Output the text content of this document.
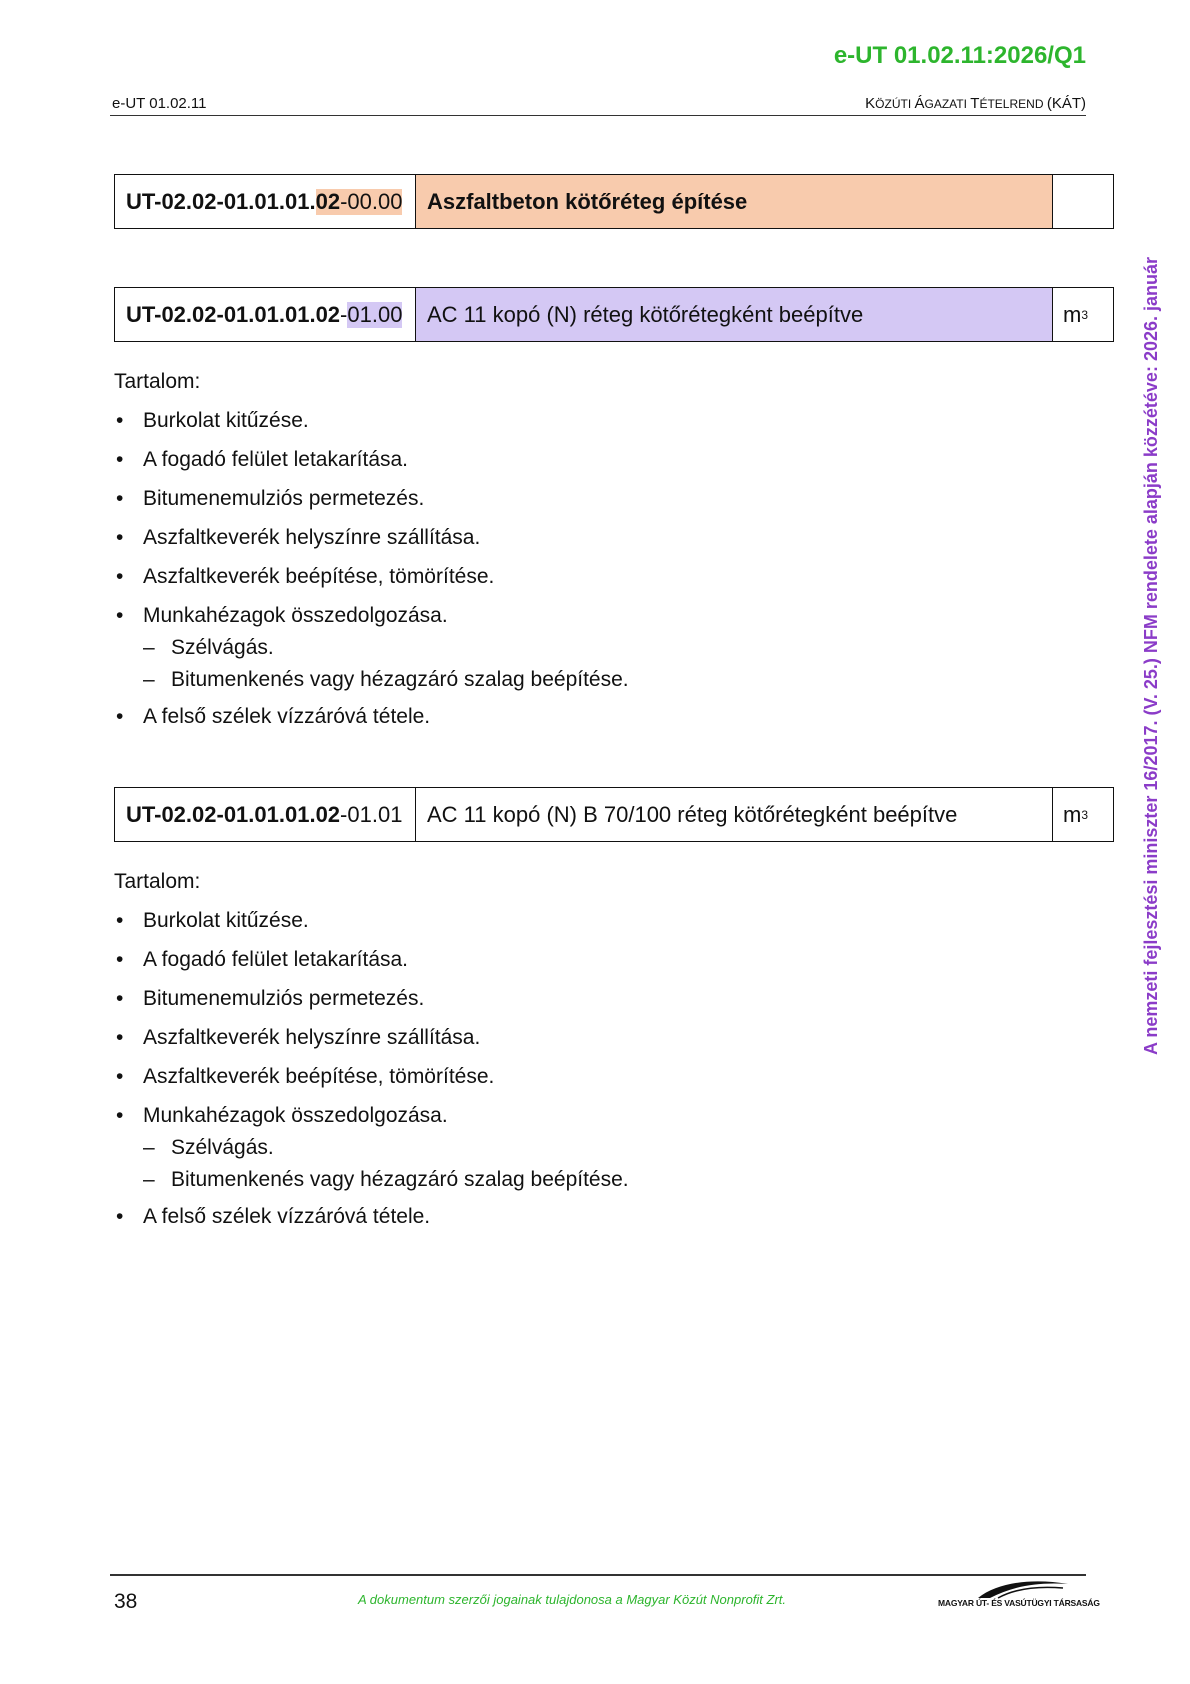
e-UT 01.02.11:2026/Q1
e-UT 01.02.11	KÖZÚTI ÁGAZATI TÉTELREND (KÁT)
UT-02.02-01.01.01. 02 -00.00	Aszfaltbeton kötőréteg építése
UT-02.02-01.01.01.02 - 01.00	AC 11 kopó (N) réteg kötőrétegként beépítve	m 3
Tartalom:
• Burkolat kitűzése.
• A fogadó felület letakarítása.
• Bitumenemulziós permetezés.
• Aszfaltkeverék helyszínre szállítása.
• Aszfaltkeverék beépítése, tömörítése.
• Munkahézagok összedolgozása.
– Szélvágás.
– Bitumenkenés vagy hézagzáró szalag beépítése.
• A felső szélek vízzáróvá tétele.
UT-02.02-01.01.01.02 -01.01	AC 11 kopó (N) B 70/100 réteg kötőrétegként beépítve	m 3
Tartalom:
• Burkolat kitűzése.
• A fogadó felület letakarítása.
• Bitumenemulziós permetezés.
• Aszfaltkeverék helyszínre szállítása.
• Aszfaltkeverék beépítése, tömörítése.
• Munkahézagok összedolgozása.
– Szélvágás.
– Bitumenkenés vagy hézagzáró szalag beépítése.
• A felső szélek vízzáróvá tétele.
A nemzeti fejlesztési miniszter 16/2017. (V. 25.) NFM rendelete alapján közzétéve: 2026. január
38	A dokumentum szerzői jogainak tulajdonosa a Magyar Közút Nonprofit Zrt.	MAGYAR ÚT- ÉS VASÚTÜGYI TÁRSASÁG
